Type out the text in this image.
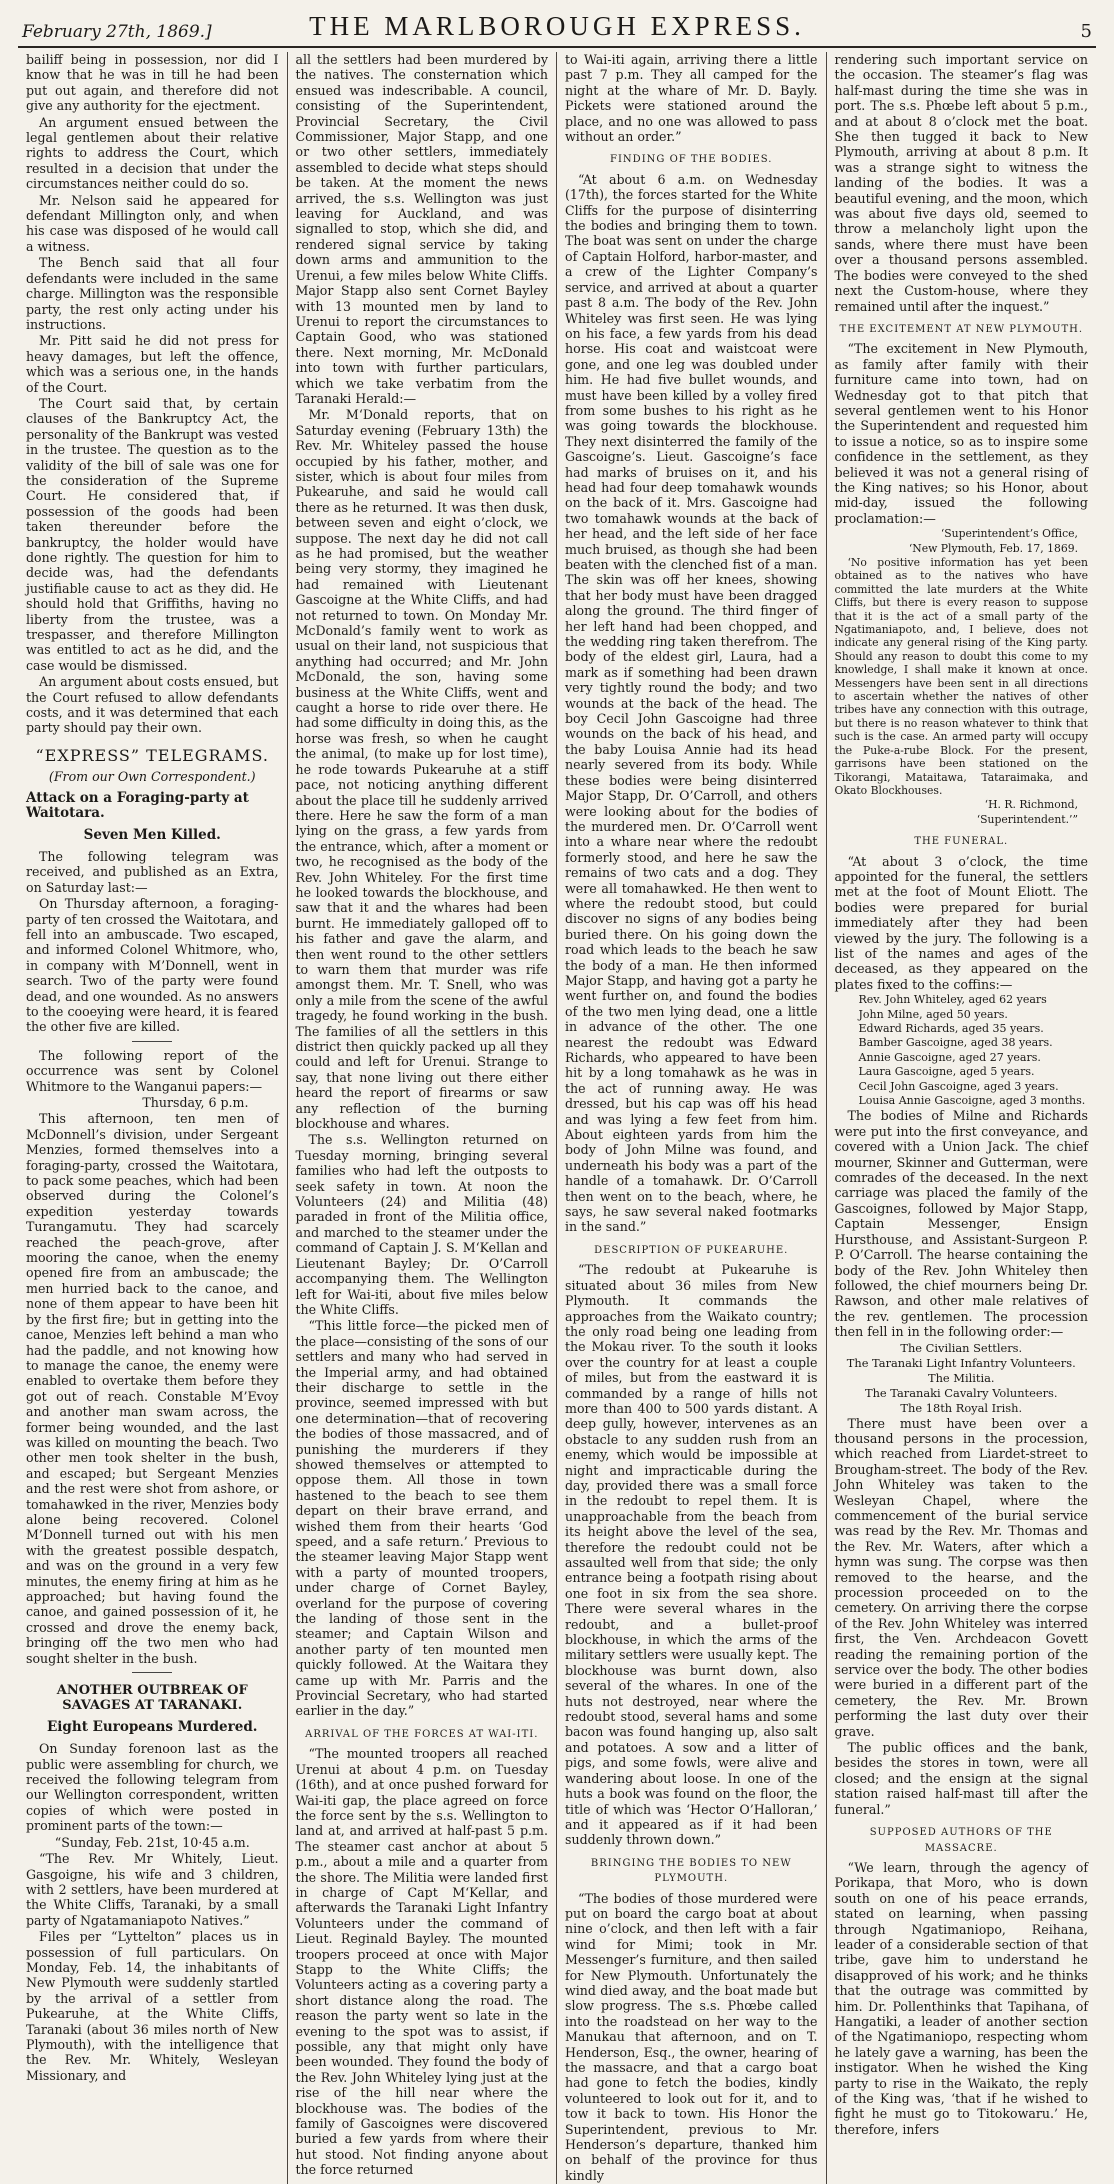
February 27th, 1869.]	THE MARLBOROUGH EXPRESS.	5

bailiff being in possession, nor did I know that he was in till he had been put out again, and therefore did not give any authority for the ejectment.

An argument ensued between the legal gentlemen about their relative rights to address the Court, which resulted in a decision that under the circumstances neither could do so.

Mr. Nelson said he appeared for defendant Millington only, and when his case was disposed of he would call a witness.

The Bench said that all four defendants were included in the same charge. Millington was the responsible party, the rest only acting under his instructions.

Mr. Pitt said he did not press for heavy damages, but left the offence, which was a serious one, in the hands of the Court.

The Court said that, by certain clauses of the Bankruptcy Act, the personality of the Bankrupt was vested in the trustee. The question as to the validity of the bill of sale was one for the consideration of the Supreme Court. He considered that, if possession of the goods had been taken thereunder before the bankruptcy, the holder would have done rightly. The question for him to decide was, had the defendants justifiable cause to act as they did. He should hold that Griffiths, having no liberty from the trustee, was a trespasser, and therefore Millington was entitled to act as he did, and the case would be dismissed.

An argument about costs ensued, but the Court refused to allow defendants costs, and it was determined that each party should pay their own.

“EXPRESS” TELEGRAMS.
(From our Own Correspondent.)
Attack on a Foraging-party at Waitotara.
Seven Men Killed.

The following telegram was received, and published as an Extra, on Saturday last:—

On Thursday afternoon, a foraging-party of ten crossed the Waitotara, and fell into an ambuscade. Two escaped, and informed Colonel Whitmore, who, in company with M’Donnell, went in search. Two of the party were found dead, and one wounded. As no answers to the cooeying were heard, it is feared the other five are killed.

The following report of the occurrence was sent by Colonel Whitmore to the Wanganui papers:—

Thursday, 6 p.m.

This afternoon, ten men of McDonnell’s division, under Sergeant Menzies, formed themselves into a foraging-party, crossed the Waitotara, to pack some peaches, which had been observed during the Colonel’s expedition yesterday towards Turangamutu. They had scarcely reached the peach-grove, after mooring the canoe, when the enemy opened fire from an ambuscade; the men hurried back to the canoe, and none of them appear to have been hit by the first fire; but in getting into the canoe, Menzies left behind a man who had the paddle, and not knowing how to manage the canoe, the enemy were enabled to overtake them before they got out of reach. Constable M’Evoy and another man swam across, the former being wounded, and the last was killed on mounting the beach. Two other men took shelter in the bush, and escaped; but Sergeant Menzies and the rest were shot from ashore, or tomahawked in the river, Menzies body alone being recovered. Colonel M’Donnell turned out with his men with the greatest possible despatch, and was on the ground in a very few minutes, the enemy firing at him as he approached; but having found the canoe, and gained possession of it, he crossed and drove the enemy back, bringing off the two men who had sought shelter in the bush.

ANOTHER OUTBREAK OF SAVAGES AT TARANAKI.
Eight Europeans Murdered.

On Sunday forenoon last as the public were assembling for church, we received the following telegram from our Wellington correspondent, written copies of which were posted in prominent parts of the town:—

“Sunday, Feb. 21st, 10·45 a.m.

“The Rev. Mr Whitely, Lieut. Gasgoigne, his wife and 3 children, with 2 settlers, have been murdered at the White Cliffs, Taranaki, by a small party of Ngatamaniapoto Natives.”

Files per “Lyttelton” places us in possession of full particulars. On Monday, Feb. 14, the inhabitants of New Plymouth were suddenly startled by the arrival of a settler from Pukearuhe, at the White Cliffs, Taranaki (about 36 miles north of New Plymouth), with the intelligence that the Rev. Mr. Whitely, Wesleyan Missionary, and

all the settlers had been murdered by the natives. The consternation which ensued was indescribable. A council, consisting of the Superintendent, Provincial Secretary, the Civil Commissioner, Major Stapp, and one or two other settlers, immediately assembled to decide what steps should be taken. At the moment the news arrived, the s.s. Wellington was just leaving for Auckland, and was signalled to stop, which she did, and rendered signal service by taking down arms and ammunition to the Urenui, a few miles below White Cliffs. Major Stapp also sent Cornet Bayley with 13 mounted men by land to Urenui to report the circumstances to Captain Good, who was stationed there. Next morning, Mr. McDonald into town with further particulars, which we take verbatim from the Taranaki Herald:—

Mr. M‘Donald reports, that on Saturday evening (February 13th) the Rev. Mr. Whiteley passed the house occupied by his father, mother, and sister, which is about four miles from Pukearuhe, and said he would call there as he returned. It was then dusk, between seven and eight o’clock, we suppose. The next day he did not call as he had promised, but the weather being very stormy, they imagined he had remained with Lieutenant Gascoigne at the White Cliffs, and had not returned to town. On Monday Mr. McDonald’s family went to work as usual on their land, not suspicious that anything had occurred; and Mr. John McDonald, the son, having some business at the White Cliffs, went and caught a horse to ride over there. He had some difficulty in doing this, as the horse was fresh, so when he caught the animal, (to make up for lost time), he rode towards Pukearuhe at a stiff pace, not noticing anything different about the place till he suddenly arrived there. Here he saw the form of a man lying on the grass, a few yards from the entrance, which, after a moment or two, he recognised as the body of the Rev. John Whiteley. For the first time he looked towards the blockhouse, and saw that it and the whares had been burnt. He immediately galloped off to his father and gave the alarm, and then went round to the other settlers to warn them that murder was rife amongst them. Mr. T. Snell, who was only a mile from the scene of the awful tragedy, he found working in the bush. The families of all the settlers in this district then quickly packed up all they could and left for Urenui. Strange to say, that none living out there either heard the report of firearms or saw any reflection of the burning blockhouse and whares.

The s.s. Wellington returned on Tuesday morning, bringing several families who had left the outposts to seek safety in town. At noon the Volunteers (24) and Militia (48) paraded in front of the Militia office, and marched to the steamer under the command of Captain J. S. M‘Kellan and Lieutenant Bayley; Dr. O’Carroll accompanying them. The Wellington left for Wai-iti, about five miles below the White Cliffs.

“This little force—the picked men of the place—consisting of the sons of our settlers and many who had served in the Imperial army, and had obtained their discharge to settle in the province, seemed impressed with but one determination—that of recovering the bodies of those massacred, and of punishing the murderers if they showed themselves or attempted to oppose them. All those in town hastened to the beach to see them depart on their brave errand, and wished them from their hearts ‘God speed, and a safe return.’ Previous to the steamer leaving Major Stapp went with a party of mounted troopers, under charge of Cornet Bayley, overland for the purpose of covering the landing of those sent in the steamer; and Captain Wilson and another party of ten mounted men quickly followed. At the Waitara they came up with Mr. Parris and the Provincial Secretary, who had started earlier in the day.”

ARRIVAL OF THE FORCES AT WAI-ITI.

“The mounted troopers all reached Urenui at about 4 p.m. on Tuesday (16th), and at once pushed forward for Wai-iti gap, the place agreed on force the force sent by the s.s. Wellington to land at, and arrived at half-past 5 p.m. The steamer cast anchor at about 5 p.m., about a mile and a quarter from the shore. The Militia were landed first in charge of Capt M‘Kellar, and afterwards the Taranaki Light Infantry Volunteers under the command of Lieut. Reginald Bayley. The mounted troopers proceed at once with Major Stapp to the White Cliffs; the Volunteers acting as a covering party a short distance along the road. The reason the party went so late in the evening to the spot was to assist, if possible, any that might only have been wounded. They found the body of the Rev. John Whiteley lying just at the rise of the hill near where the blockhouse was. The bodies of the family of Gascoignes were discovered buried a few yards from where their hut stood. Not finding anyone about the force returned

to Wai-iti again, arriving there a little past 7 p.m. They all camped for the night at the whare of Mr. D. Bayly. Pickets were stationed around the place, and no one was allowed to pass without an order.”

FINDING OF THE BODIES.

“At about 6 a.m. on Wednesday (17th), the forces started for the White Cliffs for the purpose of disinterring the bodies and bringing them to town. The boat was sent on under the charge of Captain Holford, harbor-master, and a crew of the Lighter Company’s service, and arrived at about a quarter past 8 a.m. The body of the Rev. John Whiteley was first seen. He was lying on his face, a few yards from his dead horse. His coat and waistcoat were gone, and one leg was doubled under him. He had five bullet wounds, and must have been killed by a volley fired from some bushes to his right as he was going towards the blockhouse. They next disinterred the family of the Gascoigne’s. Lieut. Gascoigne’s face had marks of bruises on it, and his head had four deep tomahawk wounds on the back of it. Mrs. Gascoigne had two tomahawk wounds at the back of her head, and the left side of her face much bruised, as though she had been beaten with the clenched fist of a man. The skin was off her knees, showing that her body must have been dragged along the ground. The third finger of her left hand had been chopped, and the wedding ring taken therefrom. The body of the eldest girl, Laura, had a mark as if something had been drawn very tightly round the body; and two wounds at the back of the head. The boy Cecil John Gascoigne had three wounds on the back of his head, and the baby Louisa Annie had its head nearly severed from its body. While these bodies were being disinterred Major Stapp, Dr. O’Carroll, and others were looking about for the bodies of the murdered men. Dr. O’Carroll went into a whare near where the redoubt formerly stood, and here he saw the remains of two cats and a dog. They were all tomahawked. He then went to where the redoubt stood, but could discover no signs of any bodies being buried there. On his going down the road which leads to the beach he saw the body of a man. He then informed Major Stapp, and having got a party he went further on, and found the bodies of the two men lying dead, one a little in advance of the other. The one nearest the redoubt was Edward Richards, who appeared to have been hit by a long tomahawk as he was in the act of running away. He was dressed, but his cap was off his head and was lying a few feet from him. About eighteen yards from him the body of John Milne was found, and underneath his body was a part of the handle of a tomahawk. Dr. O’Carroll then went on to the beach, where, he says, he saw several naked footmarks in the sand.”

DESCRIPTION OF PUKEARUHE.

“The redoubt at Pukearuhe is situated about 36 miles from New Plymouth. It commands the approaches from the Waikato country; the only road being one leading from the Mokau river. To the south it looks over the country for at least a couple of miles, but from the eastward it is commanded by a range of hills not more than 400 to 500 yards distant. A deep gully, however, intervenes as an obstacle to any sudden rush from an enemy, which would be impossible at night and impracticable during the day, provided there was a small force in the redoubt to repel them. It is unapproachable from the beach from its height above the level of the sea, therefore the redoubt could not be assaulted well from that side; the only entrance being a footpath rising about one foot in six from the sea shore. There were several whares in the redoubt, and a bullet-proof blockhouse, in which the arms of the military settlers were usually kept. The blockhouse was burnt down, also several of the whares. In one of the huts not destroyed, near where the redoubt stood, several hams and some bacon was found hanging up, also salt and potatoes. A sow and a litter of pigs, and some fowls, were alive and wandering about loose. In one of the huts a book was found on the floor, the title of which was ‘Hector O’Halloran,’ and it appeared as if it had been suddenly thrown down.”

BRINGING THE BODIES TO NEW PLYMOUTH.

“The bodies of those murdered were put on board the cargo boat at about nine o’clock, and then left with a fair wind for Mimi; took in Mr. Messenger’s furniture, and then sailed for New Plymouth. Unfortunately the wind died away, and the boat made but slow progress. The s.s. Phœbe called into the roadstead on her way to the Manukau that afternoon, and on T. Henderson, Esq., the owner, hearing of the massacre, and that a cargo boat had gone to fetch the bodies, kindly volunteered to look out for it, and to tow it back to town. His Honor the Superintendent, previous to Mr. Henderson’s departure, thanked him on behalf of the province for thus kindly

rendering such important service on the occasion. The steamer’s flag was half-mast during the time she was in port. The s.s. Phœbe left about 5 p.m., and at about 8 o’clock met the boat. She then tugged it back to New Plymouth, arriving at about 8 p.m. It was a strange sight to witness the landing of the bodies. It was a beautiful evening, and the moon, which was about five days old, seemed to throw a melancholy light upon the sands, where there must have been over a thousand persons assembled. The bodies were conveyed to the shed next the Custom-house, where they remained until after the inquest.”

THE EXCITEMENT AT NEW PLYMOUTH.

“The excitement in New Plymouth, as family after family with their furniture came into town, had on Wednesday got to that pitch that several gentlemen went to his Honor the Superintendent and requested him to issue a notice, so as to inspire some confidence in the settlement, as they believed it was not a general rising of the King natives; so his Honor, about mid-day, issued the following proclamation:—

‘Superintendent’s Office,

‘New Plymouth, Feb. 17, 1869.

‘No positive information has yet been obtained as to the natives who have committed the late murders at the White Cliffs, but there is every reason to suppose that it is the act of a small party of the Ngatimaniapoto, and, I believe, does not indicate any general rising of the King party. Should any reason to doubt this come to my knowledge, I shall make it known at once. Messengers have been sent in all directions to ascertain whether the natives of other tribes have any connection with this outrage, but there is no reason whatever to think that such is the case. An armed party will occupy the Puke-a-rube Block. For the present, garrisons have been stationed on the Tikorangi, Mataitawa, Tataraimaka, and Okato Blockhouses.

‘H. R. Richmond,

‘Superintendent.’”

THE FUNERAL.

“At about 3 o’clock, the time appointed for the funeral, the settlers met at the foot of Mount Eliott. The bodies were prepared for burial immediately after they had been viewed by the jury. The following is a list of the names and ages of the deceased, as they appeared on the plates fixed to the coffins:—

Rev. John Whiteley, aged 62 years

John Milne, aged 50 years.

Edward Richards, aged 35 years.

Bamber Gascoigne, aged 38 years.

Annie Gascoigne, aged 27 years.

Laura Gascoigne, aged 5 years.

Cecil John Gascoigne, aged 3 years.

Louisa Annie Gascoigne, aged 3 months.

The bodies of Milne and Richards were put into the first conveyance, and covered with a Union Jack. The chief mourner, Skinner and Gutterman, were comrades of the deceased. In the next carriage was placed the family of the Gascoignes, followed by Major Stapp, Captain Messenger, Ensign Hursthouse, and Assistant-Surgeon P. P. O’Carroll. The hearse containing the body of the Rev. John Whiteley then followed, the chief mourners being Dr. Rawson, and other male relatives of the rev. gentlemen. The procession then fell in in the following order:—

The Civilian Settlers.

The Taranaki Light Infantry Volunteers.

The Militia.

The Taranaki Cavalry Volunteers.

The 18th Royal Irish.

There must have been over a thousand persons in the procession, which reached from Liardet-street to Brougham-street. The body of the Rev. John Whiteley was taken to the Wesleyan Chapel, where the commencement of the burial service was read by the Rev. Mr. Thomas and the Rev. Mr. Waters, after which a hymn was sung. The corpse was then removed to the hearse, and the procession proceeded on to the cemetery. On arriving there the corpse of the Rev. John Whiteley was interred first, the Ven. Archdeacon Govett reading the remaining portion of the service over the body. The other bodies were buried in a different part of the cemetery, the Rev. Mr. Brown performing the last duty over their grave.

The public offices and the bank, besides the stores in town, were all closed; and the ensign at the signal station raised half-mast till after the funeral.”

SUPPOSED AUTHORS OF THE MASSACRE.

“We learn, through the agency of Porikapa, that Moro, who is down south on one of his peace errands, stated on learning, when passing through Ngatimaniopo, Reihana, leader of a considerable section of that tribe, gave him to understand he disapproved of his work; and he thinks that the outrage was committed by him. Dr. Pollenthinks that Tapihana, of Hangatiki, a leader of another section of the Ngatimaniopo, respecting whom he lately gave a warning, has been the instigator. When he wished the King party to rise in the Waikato, the reply of the King was, ‘that if he wished to fight he must go to Titokowaru.’ He, therefore, infers
